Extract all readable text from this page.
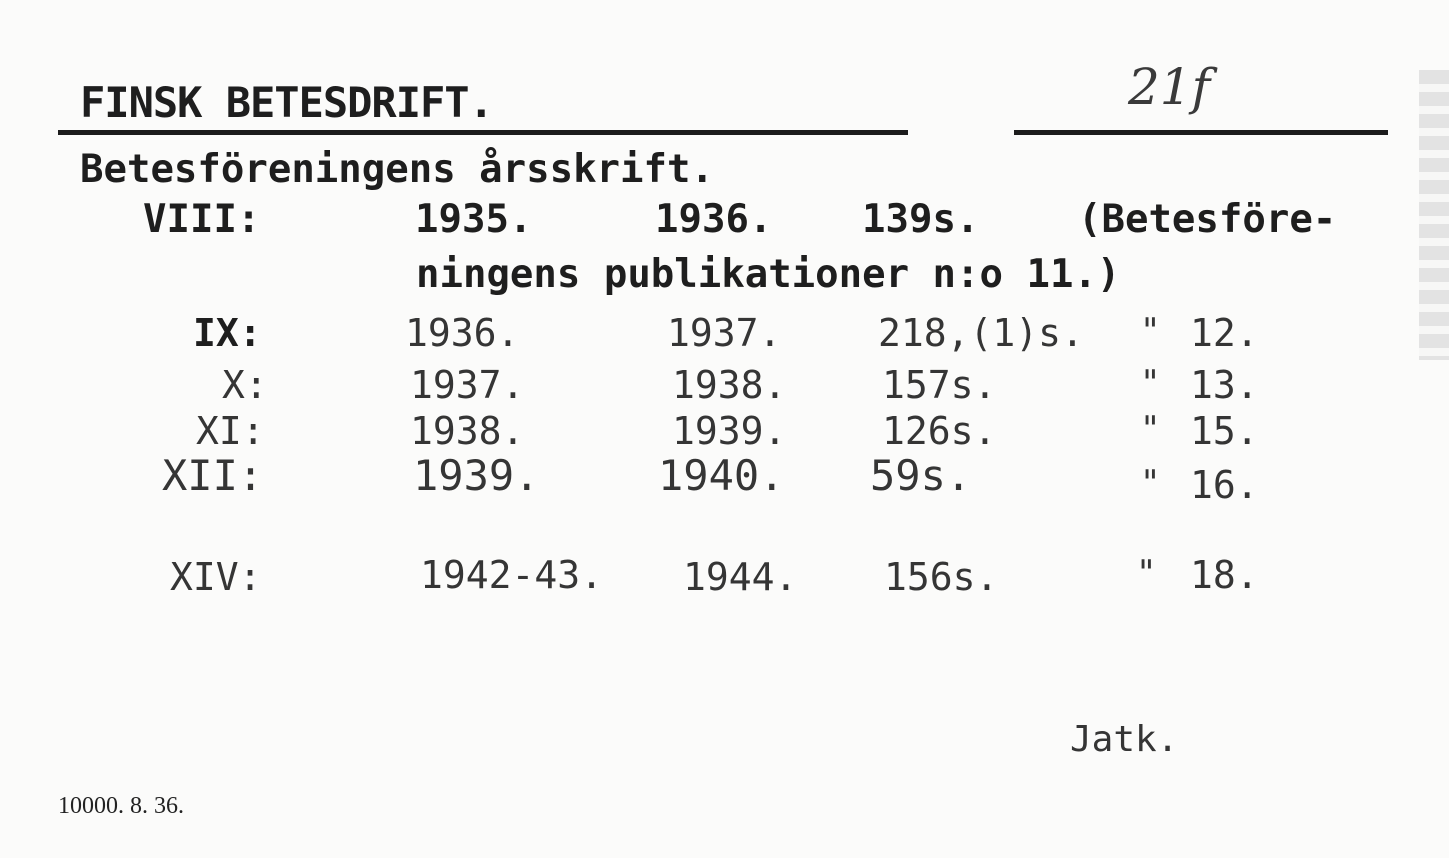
FINSK BETESDRIFT.	21f
Betesföreningens årsskrift.
VIII:	1935.	1936. 139s.	(Betesföre-
ningens publikationer n:o 11.)
IX:	1936.	1937.	218,(1)s. " 12.
X:	1937.	1938.	157s.	" 13.
XI:	1938.	1939.	126s.	" 15.
XII:	1939.	1940. 59s.	" 16.
XIV:	1942-43. 1944. 156s.	" 18.
Jatk.
10000. 8. 36.
